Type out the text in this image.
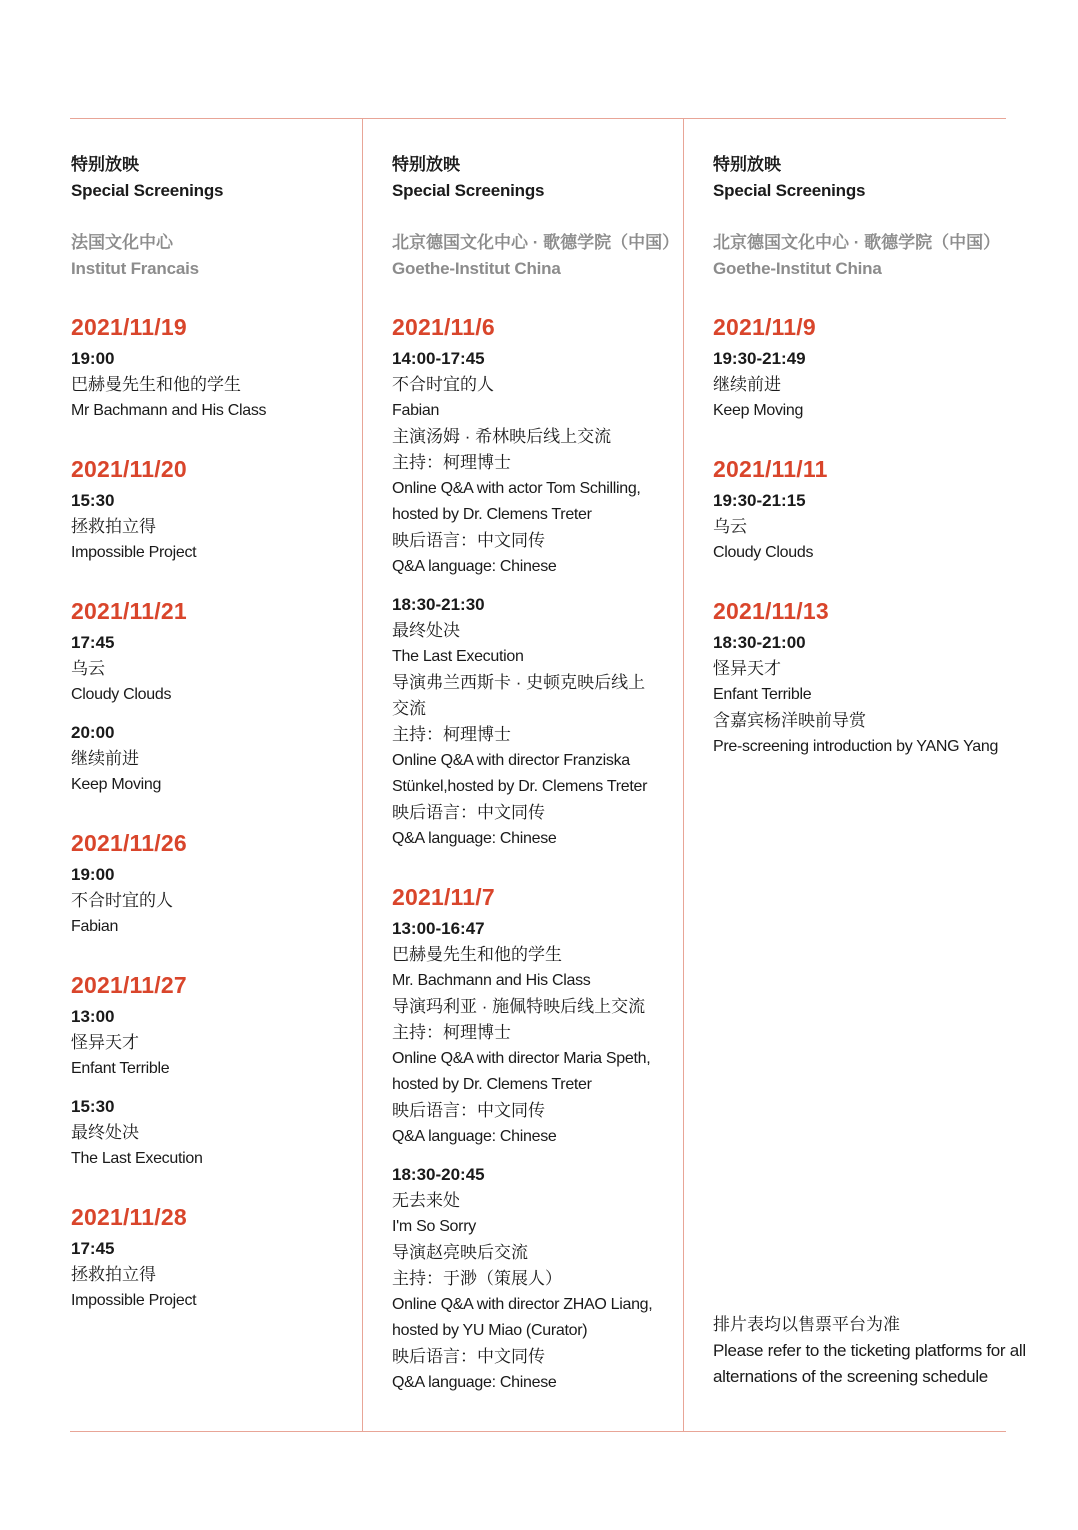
特别放映
Special Screenings
法国文化中心
Institut Francais
2021/11/19
19:00
巴赫曼先生和他的学生
Mr Bachmann and His Class
2021/11/20
15:30
拯救拍立得
Impossible Project
2021/11/21
17:45
乌云
Cloudy Clouds
20:00
继续前进
Keep Moving
2021/11/26
19:00
不合时宜的人
Fabian
2021/11/27
13:00
怪异天才
Enfant Terrible
15:30
最终处决
The Last Execution
2021/11/28
17:45
拯救拍立得
Impossible Project
特别放映
Special Screenings
北京德国文化中心 · 歌德学院（中国）
Goethe-Institut China
2021/11/6
14:00-17:45
不合时宜的人
Fabian
主演汤姆 · 希林映后线上交流
主持：柯理博士
Online Q&A with actor Tom Schilling,
hosted by Dr. Clemens Treter
映后语言：中文同传
Q&A language: Chinese
18:30-21:30
最终处决
The Last Execution
导演弗兰西斯卡 · 史顿克映后线上
交流
主持：柯理博士
Online Q&A with director Franziska
Stünkel,hosted by Dr. Clemens Treter
映后语言：中文同传
Q&A language: Chinese
2021/11/7
13:00-16:47
巴赫曼先生和他的学生
Mr. Bachmann and His Class
导演玛利亚 · 施佩特映后线上交流
主持：柯理博士
Online Q&A with director Maria Speth,
hosted by Dr. Clemens Treter
映后语言：中文同传
Q&A language: Chinese
18:30-20:45
无去来处
I'm So Sorry
导演赵亮映后交流
主持：于渺（策展人）
Online Q&A with director ZHAO Liang,
hosted by YU Miao (Curator)
映后语言：中文同传
Q&A language: Chinese
特别放映
Special Screenings
北京德国文化中心 · 歌德学院（中国）
Goethe-Institut China
2021/11/9
19:30-21:49
继续前进
Keep Moving
2021/11/11
19:30-21:15
乌云
Cloudy Clouds
2021/11/13
18:30-21:00
怪异天才
Enfant Terrible
含嘉宾杨洋映前导赏
Pre-screening introduction by YANG Yang
排片表均以售票平台为准
Please refer to the ticketing platforms for all
alternations of the screening schedule
